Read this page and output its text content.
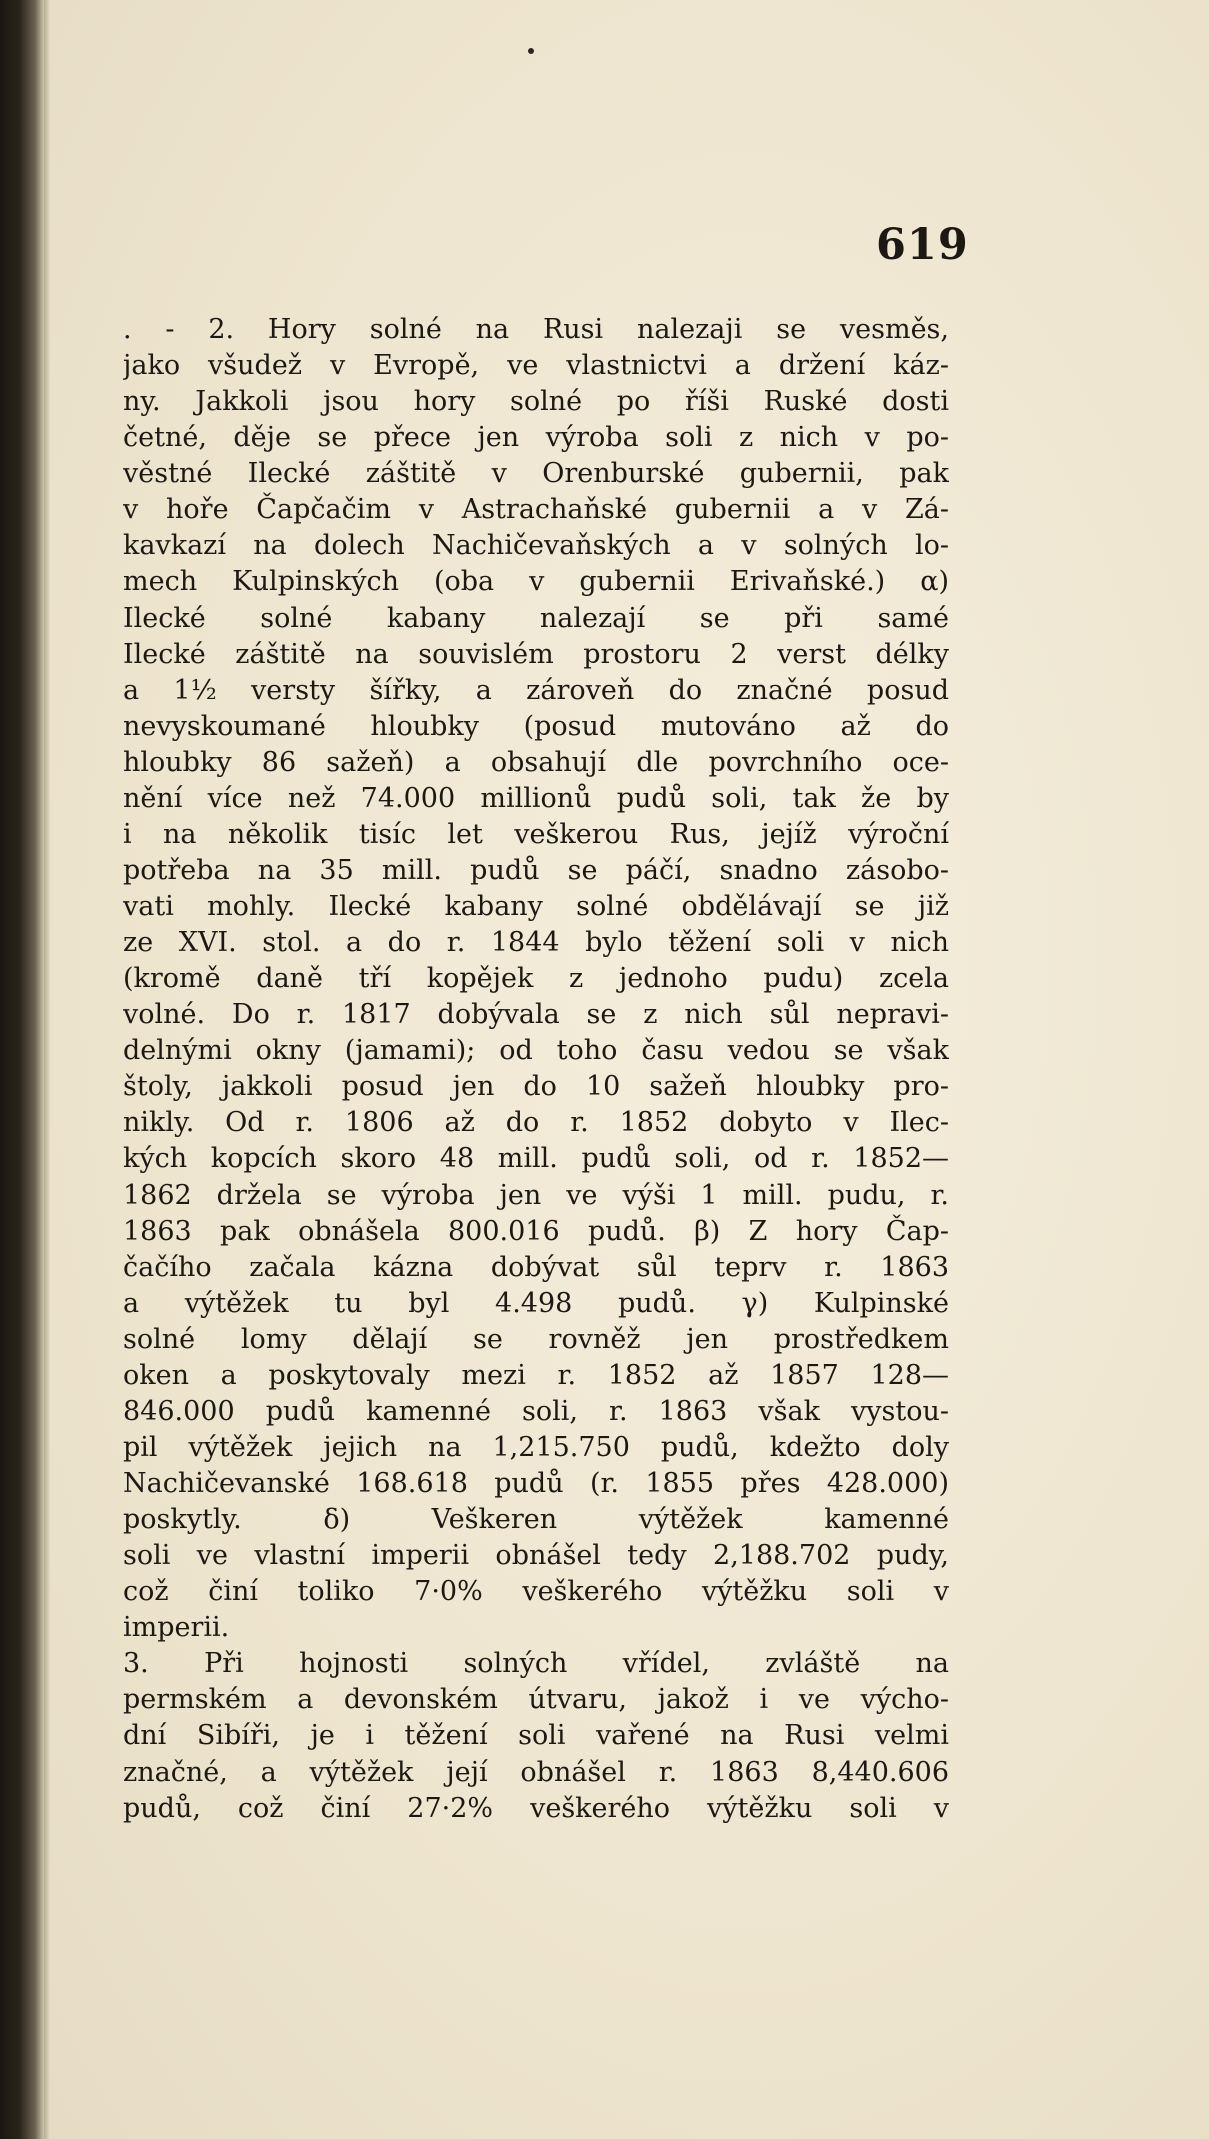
619
. - 2. Hory solné na Rusi nalezaji se vesměs,
jako všudež v Evropě, ve vlastnictvi a držení káz-
ny. Jakkoli jsou hory solné po říši Ruské dosti
četné, děje se přece jen výroba soli z nich v po-
věstné Ilecké záštitě v Orenburské gubernii, pak
v hoře Čapčačim v Astrachaňské gubernii a v Zá-
kavkazí na dolech Nachičevaňských a v solných lo-
mech Kulpinských (oba v gubernii Erivaňské.) α)
Ilecké solné kabany nalezají se při samé
Ilecké záštitě na souvislém prostoru 2 verst délky
a 1½ versty šířky, a zároveň do značné posud
nevyskoumané hloubky (posud mutováno až do
hloubky 86 sažeň) a obsahují dle povrchního oce-
nění více než 74.000 millionů pudů soli, tak že by
i na několik tisíc let veškerou Rus, jejíž výroční
potřeba na 35 mill. pudů se páčí, snadno zásobo-
vati mohly. Ilecké kabany solné obdělávají se již
ze XVI. stol. a do r. 1844 bylo těžení soli v nich
(kromě daně tří kopějek z jednoho pudu) zcela
volné. Do r. 1817 dobývala se z nich sůl nepravi-
delnými okny (jamami); od toho času vedou se však
štoly, jakkoli posud jen do 10 sažeň hloubky pro-
nikly. Od r. 1806 až do r. 1852 dobyto v Ilec-
kých kopcích skoro 48 mill. pudů soli, od r. 1852—
1862 držela se výroba jen ve výši 1 mill. pudu, r.
1863 pak obnášela 800.016 pudů. β) Z hory Čap-
čačího začala kázna dobývat sůl teprv r. 1863
a výtěžek tu byl 4.498 pudů. γ) Kulpinské
solné lomy dělají se rovněž jen prostředkem
oken a poskytovaly mezi r. 1852 až 1857 128—
846.000 pudů kamenné soli, r. 1863 však vystou-
pil výtěžek jejich na 1,215.750 pudů, kdežto doly
Nachičevanské 168.618 pudů (r. 1855 přes 428.000)
poskytly. δ) Veškeren výtěžek kamenné
soli ve vlastní imperii obnášel tedy 2,188.702 pudy,
což činí toliko 7·0% veškerého výtěžku soli v
imperii.
3. Při hojnosti solných vřídel, zvláště na
permském a devonském útvaru, jakož i ve výcho-
dní Sibíři, je i těžení soli vařené na Rusi velmi
značné, a výtěžek její obnášel r. 1863 8,440.606
pudů, což činí 27·2% veškerého výtěžku soli v
